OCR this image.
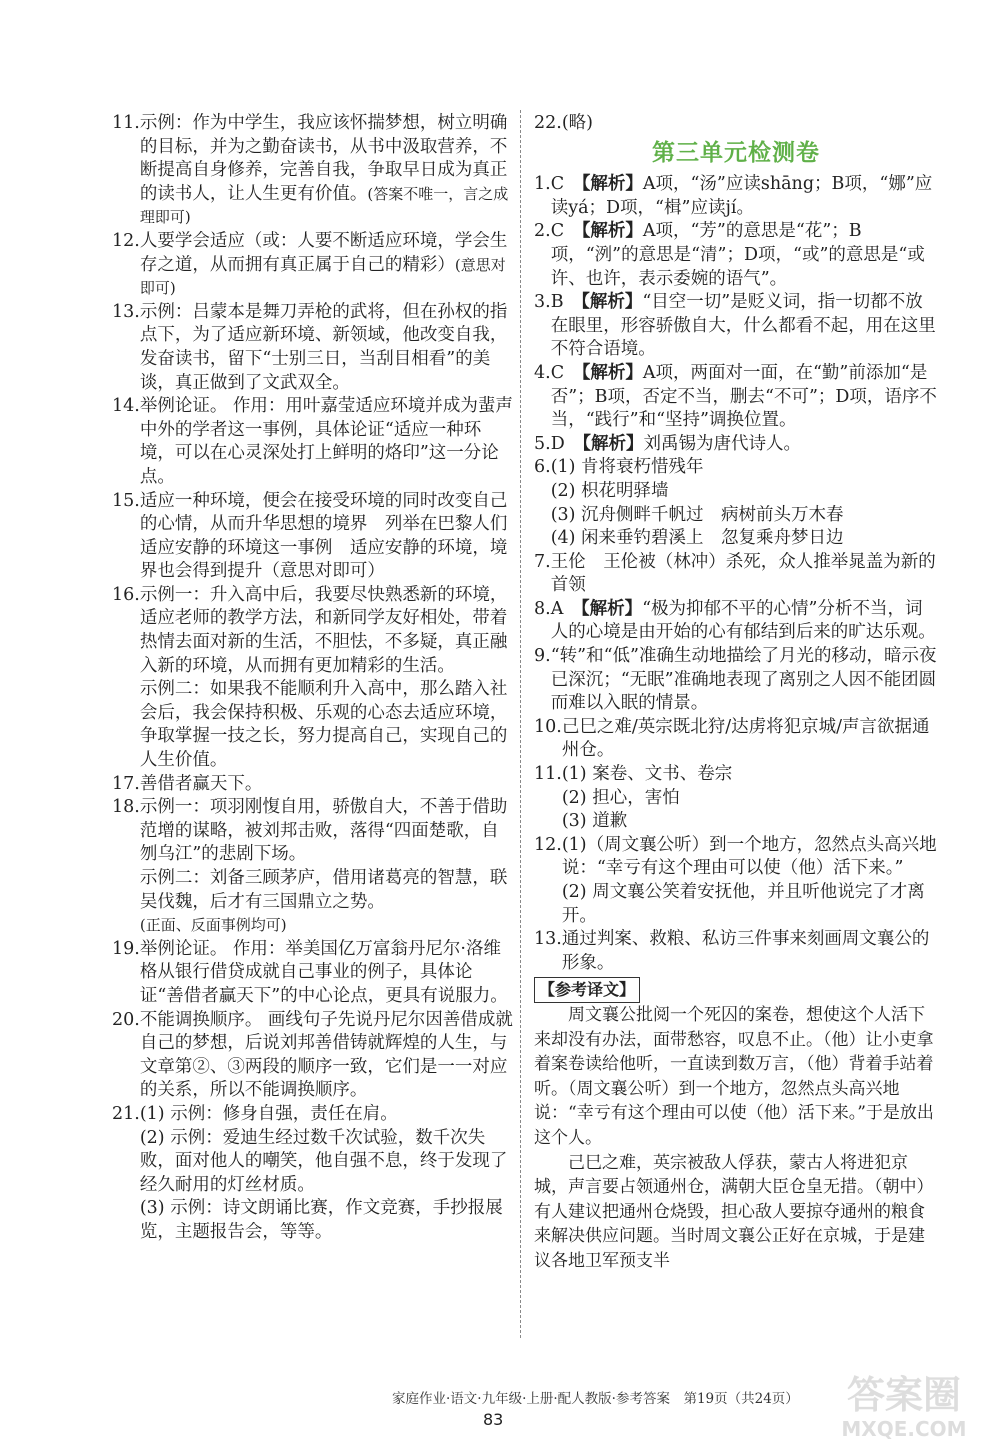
11. 示例：作为中学生，我应该怀揣梦想，树立明确的目标，并为之勤奋读书，从书中汲取营养，不断提高自身修养，完善自我，争取早日成为真正的读书人，让人生更有价值。(答案不唯一，言之成理即可)
12. 人要学会适应（或：人要不断适应环境，学会生存之道，从而拥有真正属于自己的精彩）(意思对即可)
13. 示例：吕蒙本是舞刀弄枪的武将，但在孙权的指点下，为了适应新环境、新领域，他改变自我，发奋读书，留下“士别三日，当刮目相看”的美谈，真正做到了文武双全。
14. 举例论证。 作用：用叶嘉莹适应环境并成为蜚声中外的学者这一事例，具体论证“适应一种环境，可以在心灵深处打上鲜明的烙印”这一分论点。
15. 适应一种环境，便会在接受环境的同时改变自己的心情，从而升华思想的境界　列举在巴黎人们适应安静的环境这一事例　适应安静的环境，境界也会得到提升（意思对即可）
16. 示例一：升入高中后，我要尽快熟悉新的环境，适应老师的教学方法，和新同学友好相处，带着热情去面对新的生活，不胆怯，不多疑，真正融入新的环境，从而拥有更加精彩的生活。
示例二：如果我不能顺利升入高中，那么踏入社会后，我会保持积极、乐观的心态去适应环境，争取掌握一技之长，努力提高自己，实现自己的人生价值。
17. 善借者赢天下。
18. 示例一：项羽刚愎自用，骄傲自大，不善于借助范增的谋略，被刘邦击败，落得“四面楚歌，自刎乌江”的悲剧下场。
示例二：刘备三顾茅庐，借用诸葛亮的智慧，联吴伐魏，后才有三国鼎立之势。
(正面、反面事例均可)
19. 举例论证。 作用：举美国亿万富翁丹尼尔·洛维格从银行借贷成就自己事业的例子，具体论证“善借者赢天下”的中心论点，更具有说服力。
20. 不能调换顺序。 画线句子先说丹尼尔因善借成就自己的梦想，后说刘邦善借铸就辉煌的人生，与文章第②、③两段的顺序一致，它们是一一对应的关系，所以不能调换顺序。
21. (1) 示例：修身自强，责任在肩。
(2) 示例：爱迪生经过数千次试验，数千次失败，面对他人的嘲笑，他自强不息，终于发现了经久耐用的灯丝材质。
(3) 示例：诗文朗诵比赛，作文竞赛，手抄报展览，主题报告会，等等。
22. (略)
第三单元检测卷
1. C　 【解析】A项，“汤”应读shāng；B项，“娜”应读yá；D项，“楫”应读jí。
2. C　 【解析】A项，“芳”的意思是“花”；B项，“洌”的意思是“清”；D项，“或”的意思是“或许、也许，表示委婉的语气”。
3. B　 【解析】“目空一切”是贬义词，指一切都不放在眼里，形容骄傲自大，什么都看不起，用在这里不符合语境。
4. C　 【解析】A项，两面对一面，在“勤”前添加“是否”；B项，否定不当，删去“不可”；D项，语序不当，“践行”和“坚持”调换位置。
5. D　 【解析】刘禹锡为唐代诗人。
6. (1) 肯将衰朽惜残年
(2) 枳花明驿墙
(3) 沉舟侧畔千帆过　病树前头万木春
(4) 闲来垂钓碧溪上　忽复乘舟梦日边
7. 王伦　王伦被（林冲）杀死，众人推举晁盖为新的首领
8. A　 【解析】“极为抑郁不平的心情”分析不当，词人的心境是由开始的心有郁结到后来的旷达乐观。
9. “转”和“低”准确生动地描绘了月光的移动，暗示夜已深沉；“无眠”准确地表现了离别之人因不能团圆而难以入眠的情景。
10. 己巳之难/英宗既北狩/达虏将犯京城/声言欲据通州仓。
11. (1) 案卷、文书、卷宗
(2) 担心，害怕
(3) 道歉
12. (1)（周文襄公听）到一个地方，忽然点头高兴地说：“幸亏有这个理由可以使（他）活下来。”
(2) 周文襄公笑着安抚他，并且听他说完了才离开。
13. 通过判案、救粮、私访三件事来刻画周文襄公的形象。
【参考译文】

周文襄公批阅一个死囚的案卷，想使这个人活下来却没有办法，面带愁容，叹息不止。（他）让小吏拿着案卷读给他听，一直读到数万言，（他）背着手站着听。（周文襄公听）到一个地方，忽然点头高兴地说：“幸亏有这个理由可以使（他）活下来。”于是放出这个人。

己巳之难，英宗被敌人俘获，蒙古人将进犯京城，声言要占领通州仓，满朝大臣仓皇无措。（朝中）有人建议把通州仓烧毁，担心敌人要掠夺通州的粮食来解决供应问题。当时周文襄公正好在京城，于是建议各地卫军预支半

家庭作业·语文·九年级·上册·配人教版·参考答案　第19页（共24页）
83
答案圈
MXQE.COM
